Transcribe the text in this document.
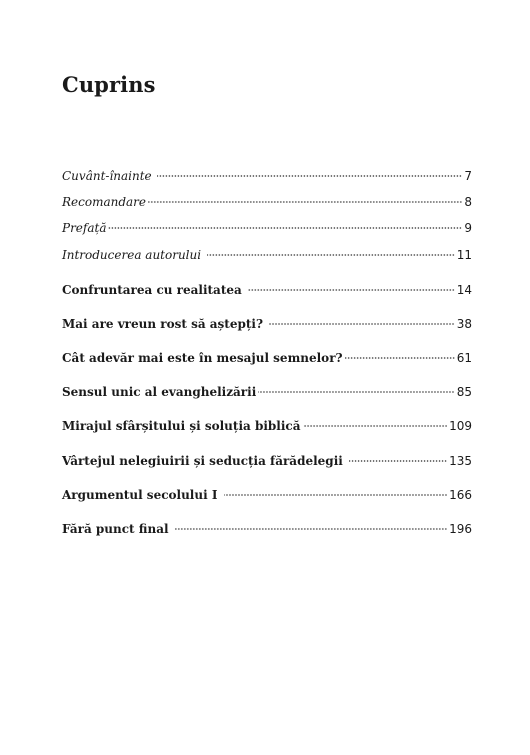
Cuprins
Cuvânt-înainte	7
Recomandare	8
Prefață	9
Introducerea autorului	11
Confruntarea cu realitatea	14
Mai are vreun rost să aștepți?	38
Cât adevăr mai este în mesajul semnelor?	61
Sensul unic al evanghelizării	85
Mirajul sfârșitului și soluția biblică	109
Vârtejul nelegiuirii și seducția fărădelegii	135
Argumentul secolului I	166
Fără punct final	196
